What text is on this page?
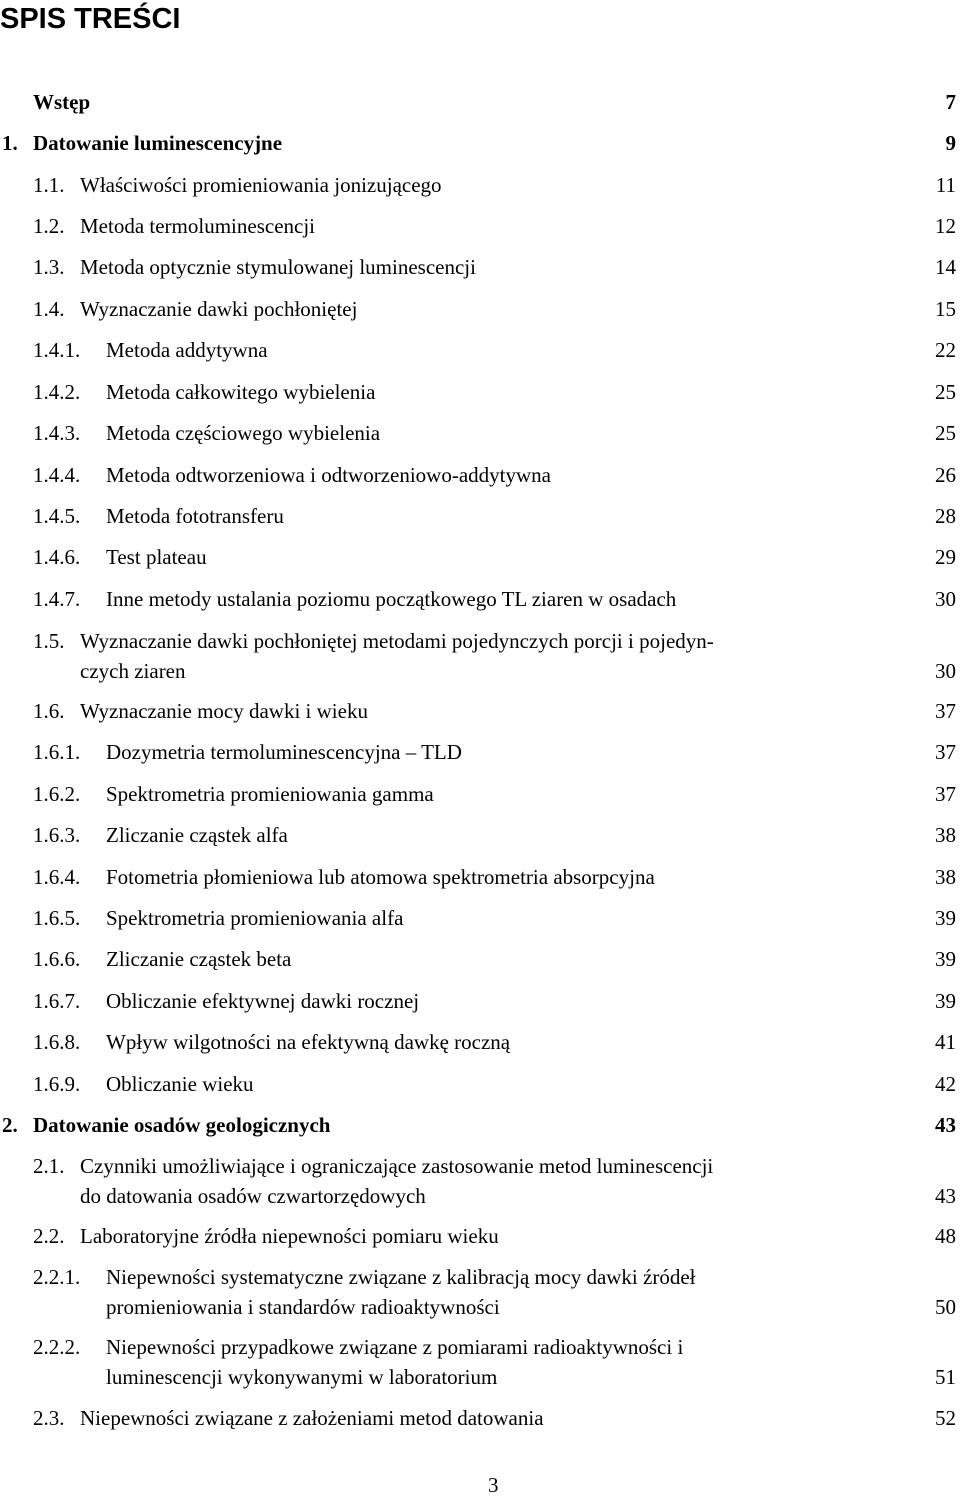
SPIS TREŚCI
Wstęp	7
1. Datowanie luminescencyjne	9
1.1. Właściwości promieniowania jonizującego	11
1.2. Metoda termoluminescencji	12
1.3. Metoda optycznie stymulowanej luminescencji	14
1.4. Wyznaczanie dawki pochłoniętej	15
1.4.1. Metoda addytywna	22
1.4.2. Metoda całkowitego wybielenia	25
1.4.3. Metoda częściowego wybielenia	25
1.4.4. Metoda odtworzeniowa i odtworzeniowo-addytywna	26
1.4.5. Metoda fototransferu	28
1.4.6. Test plateau	29
1.4.7. Inne metody ustalania poziomu początkowego TL ziaren w osadach	30
1.5. Wyznaczanie dawki pochłoniętej metodami pojedynczych porcji i pojedyn-
czych ziaren	30
1.6. Wyznaczanie mocy dawki i wieku	37
1.6.1. Dozymetria termoluminescencyjna – TLD	37
1.6.2. Spektrometria promieniowania gamma	37
1.6.3. Zliczanie cząstek alfa	38
1.6.4. Fotometria płomieniowa lub atomowa spektrometria absorpcyjna	38
1.6.5. Spektrometria promieniowania alfa	39
1.6.6. Zliczanie cząstek beta	39
1.6.7. Obliczanie efektywnej dawki rocznej	39
1.6.8. Wpływ wilgotności na efektywną dawkę roczną	41
1.6.9. Obliczanie wieku	42
2. Datowanie osadów geologicznych	43
2.1. Czynniki umożliwiające i ograniczające zastosowanie metod luminescencji
do datowania osadów czwartorzędowych	43
2.2. Laboratoryjne źródła niepewności pomiaru wieku	48
2.2.1. Niepewności systematyczne związane z kalibracją mocy dawki źródeł
promieniowania i standardów radioaktywności	50
2.2.2. Niepewności przypadkowe związane z pomiarami radioaktywności i
luminescencji wykonywanymi w laboratorium	51
2.3. Niepewności związane z założeniami metod datowania	52
3
